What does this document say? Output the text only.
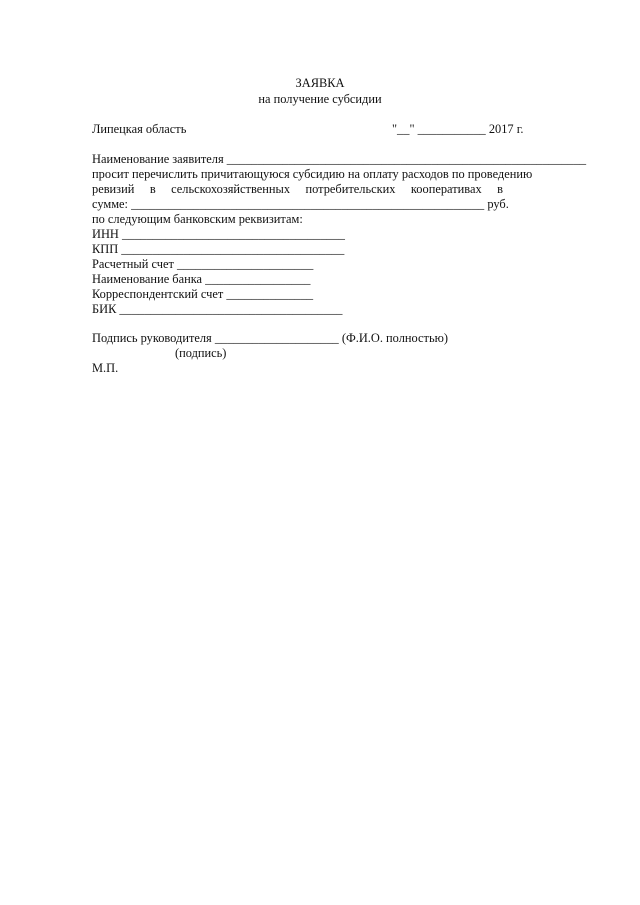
ЗАЯВКА
на получение субсидии
Липецкая область	"__" ___________ 2017 г.
Наименование заявителя __________________________________________________________
просит перечислить причитающуюся субсидию на оплату расходов по проведению
ревизий в сельскохозяйственных потребительских кооперативах в
сумме: _________________________________________________________ руб.
по следующим банковским реквизитам:
ИНН ____________________________________
КПП ____________________________________
Расчетный счет ______________________
Наименование банка _________________
Корреспондентский счет ______________
БИК ____________________________________
Подпись руководителя ____________________ (Ф.И.О. полностью)
(подпись)
М.П.
